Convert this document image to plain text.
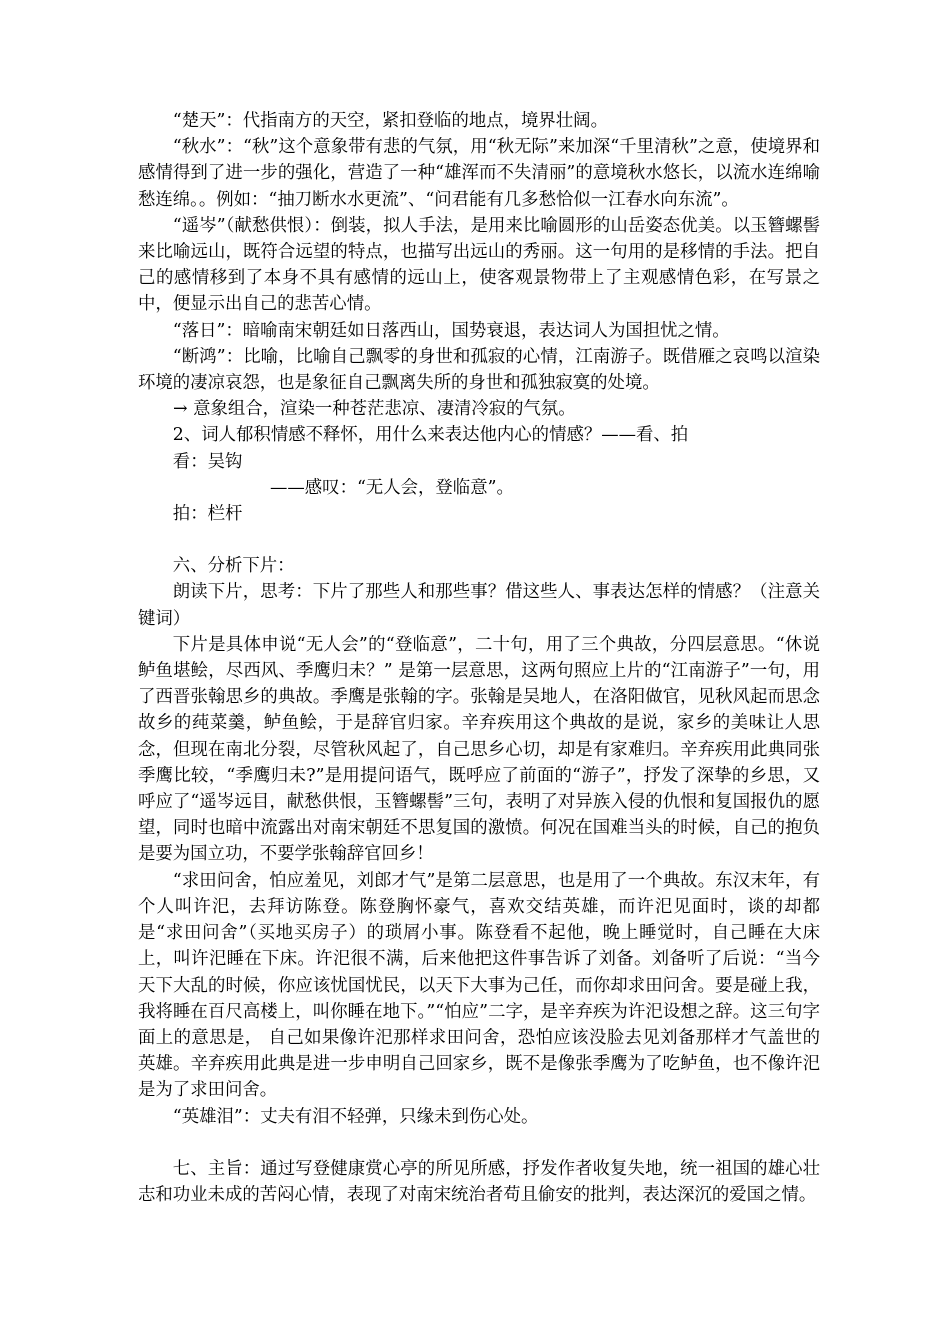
“楚天”：代指南方的天空，紧扣登临的地点，境界壮阔。

“秋水”：“秋”这个意象带有悲的气氛，用“秋无际”来加深“千里清秋”之意，使境界和感情得到了进一步的强化，营造了一种“雄浑而不失清丽”的意境秋水悠长，以流水连绵喻愁连绵。。例如：“抽刀断水水更流”、“问君能有几多愁恰似一江春水向东流”。

“遥岑”（献愁供恨）：倒装，拟人手法，是用来比喻圆形的山岳姿态优美。以玉簪螺髻来比喻远山，既符合远望的特点，也描写出远山的秀丽。这一句用的是移情的手法。把自己的感情移到了本身不具有感情的远山上，使客观景物带上了主观感情色彩，在写景之中，便显示出自己的悲苦心情。

“落日”：暗喻南宋朝廷如日落西山，国势衰退，表达词人为国担忧之情。

“断鸿”：比喻，比喻自己飘零的身世和孤寂的心情，江南游子。既借雁之哀鸣以渲染环境的凄凉哀怨，也是象征自己飘离失所的身世和孤独寂寞的处境。

→ 意象组合，渲染一种苍茫悲凉、凄清冷寂的气氛。

2、词人郁积情感不释怀，用什么来表达他内心的情感？——看、拍

看：吴钩

——感叹：“无人会，登临意”。

拍：栏杆

六、分析下片：

朗读下片，思考：下片了那些人和那些事？借这些人、事表达怎样的情感？（注意关键词）

下片是具体申说“无人会”的“登临意”，二十句，用了三个典故，分四层意思。“休说鲈鱼堪鲙，尽西风、季鹰归未？” 是第一层意思，这两句照应上片的“江南游子”一句，用了西晋张翰思乡的典故。季鹰是张翰的字。张翰是吴地人，在洛阳做官，见秋风起而思念故乡的莼菜羹，鲈鱼鲙，于是辞官归家。辛弃疾用这个典故的是说，家乡的美味让人思念，但现在南北分裂，尽管秋风起了，自己思乡心切，却是有家难归。辛弃疾用此典同张季鹰比较，“季鹰归未?”是用提问语气，既呼应了前面的“游子”，抒发了深挚的乡思，又呼应了“遥岑远目，献愁供恨，玉簪螺髻”三句，表明了对异族入侵的仇恨和复国报仇的愿望，同时也暗中流露出对南宋朝廷不思复国的激愤。何况在国难当头的时候，自己的抱负是要为国立功，不要学张翰辞官回乡！

“求田问舍，怕应羞见，刘郎才气”是第二层意思，也是用了一个典故。东汉末年，有个人叫许汜，去拜访陈登。陈登胸怀豪气，喜欢交结英雄，而许汜见面时，谈的却都是“求田问舍”（买地买房子）的琐屑小事。陈登看不起他，晚上睡觉时，自己睡在大床上，叫许汜睡在下床。许汜很不满，后来他把这件事告诉了刘备。刘备听了后说：“当今天下大乱的时候，你应该忧国忧民，以天下大事为己任，而你却求田问舍。要是碰上我，我将睡在百尺高楼上，叫你睡在地下。”“怕应”二字，是辛弃疾为许汜设想之辞。这三句字面上的意思是， 自己如果像许汜那样求田问舍，恐怕应该没脸去见刘备那样才气盖世的英雄。辛弃疾用此典是进一步申明自己回家乡，既不是像张季鹰为了吃鲈鱼，也不像许汜是为了求田问舍。

“英雄泪”：丈夫有泪不轻弹，只缘未到伤心处。

七、主旨：通过写登健康赏心亭的所见所感，抒发作者收复失地，统一祖国的雄心壮志和功业未成的苦闷心情，表现了对南宋统治者苟且偷安的批判，表达深沉的爱国之情。
